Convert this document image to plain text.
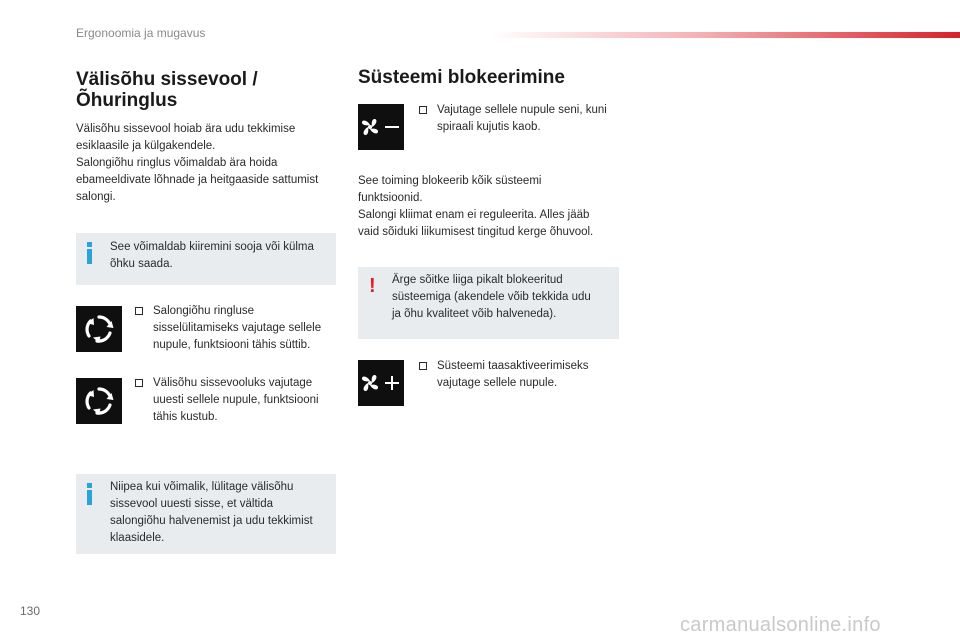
Ergonoomia ja mugavus
Välisõhu sissevool /
Õhuringlus
Välisõhu sissevool hoiab ära udu tekkimise
esiklaasile ja külgakendele.
Salongiõhu ringlus võimaldab ära hoida
ebameeldivate lõhnade ja heitgaaside sattumist
salongi.
See võimaldab kiiremini sooja või külma
õhku saada.
Salongiõhu ringluse
sisselülitamiseks vajutage sellele
nupule, funktsiooni tähis süttib.
Välisõhu sissevooluks vajutage
uuesti sellele nupule, funktsiooni
tähis kustub.
Niipea kui võimalik, lülitage välisõhu
sissevool uuesti sisse, et vältida
salongiõhu halvenemist ja udu tekkimist
klaasidele.
Süsteemi blokeerimine
Vajutage sellele nupule seni, kuni
spiraali kujutis kaob.
See toiming blokeerib kõik süsteemi
funktsioonid.
Salongi kliimat enam ei reguleerita. Alles jääb
vaid sõiduki liikumisest tingitud kerge õhuvool.
! Ärge sõitke liiga pikalt blokeeritud
süsteemiga (akendele võib tekkida udu
ja õhu kvaliteet võib halveneda).
Süsteemi taasaktiveerimiseks
vajutage sellele nupule.
130
carmanualsonline.info
